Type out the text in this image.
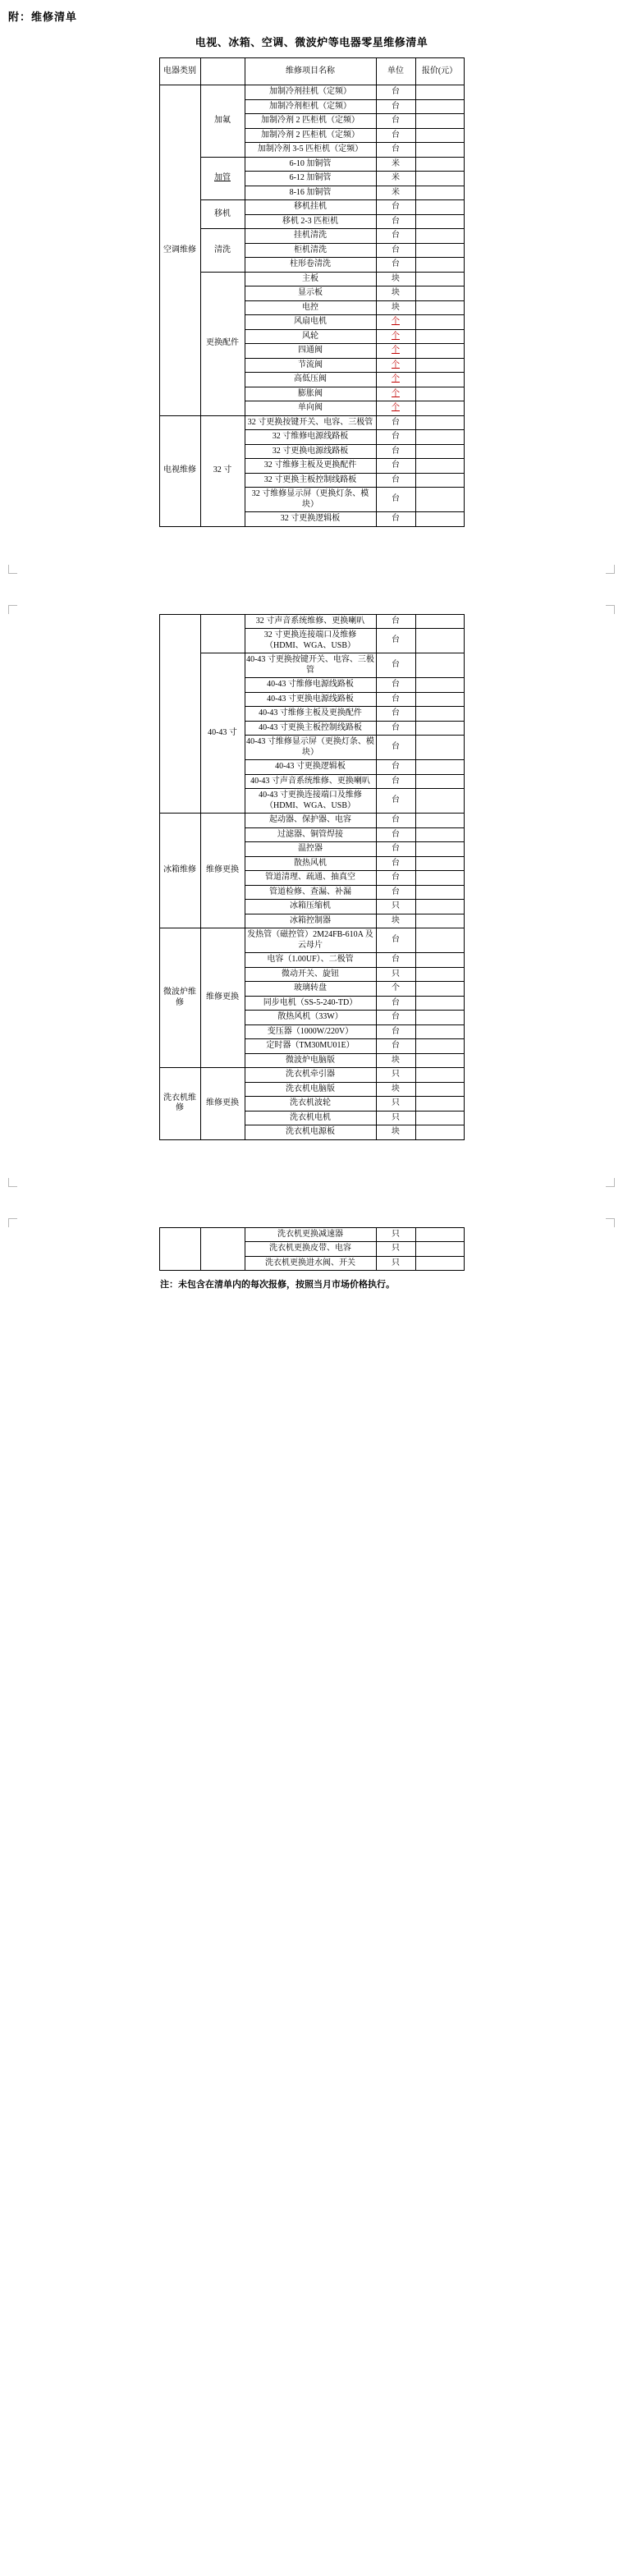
附：维修清单
电视、冰箱、空调、微波炉等电器零星维修清单
电器类别		维修项目名称	单位	报价(元）
空调维修	加氟	加制冷剂挂机（定频）	台	
		加制冷剂柜机（定频）	台	
		加制冷剂 2 匹柜机（定频）	台	
		加制冷剂 2 匹柜机（定频）	台	
		加制冷剂 3-5 匹柜机（定频）	台	
	加管	6-10 加铜管	米	
		6-12 加铜管	米	
		8-16 加铜管	米	
	移机	移机挂机	台	
		移机 2-3 匹柜机	台	
	清洗	挂机清洗	台	
		柜机清洗	台	
		柱形卷清洗	台	
	更换配件	主板	块	
		显示板	块	
		电控	块	
		风扇电机	个	
		风轮	个	
		四通阀	个	
		节流阀	个	
		高低压阀	个	
		膨胀阀	个	
		单向阀	个	
电视维修	32 寸	32 寸更换按键开关、电容、三极管	台	
		32 寸维修电源线路板	台	
		32 寸更换电源线路板	台	
		32 寸维修主板及更换配件	台	
		32 寸更换主板控制线路板	台	
		32 寸维修显示屏（更换灯条、模块）	台	
		32 寸更换逻辑板	台	
		32 寸声音系统维修、更换喇叭	台	
		32 寸更换连接端口及维修（HDMI、WGA、USB）	台	
	40-43 寸	40-43 寸更换按键开关、电容、三极管	台	
		40-43 寸维修电源线路板	台	
		40-43 寸更换电源线路板	台	
		40-43 寸维修主板及更换配件	台	
		40-43 寸更换主板控制线路板	台	
		40-43 寸维修显示屏（更换灯条、模块）	台	
		40-43 寸更换逻辑板	台	
		40-43 寸声音系统维修、更换喇叭	台	
		40-43 寸更换连接端口及维修（HDMI、WGA、USB）	台	
冰箱维修	维修更换	起动器、保护器、电容	台	
		过滤器、铜管焊接	台	
		温控器	台	
		散热风机	台	
		管道清理、疏通、抽真空	台	
		管道检修、查漏、补漏	台	
		冰箱压缩机	只	
		冰箱控制器	块	
微波炉维修	维修更换	发热管（磁控管）2M24FB-610A 及云母片	台	
		电容（1.00UF）、二极管	台	
		微动开关、旋钮	只	
		玻璃转盘	个	
		同步电机（SS-5-240-TD）	台	
		散热风机（33W）	台	
		变压器（1000W/220V）	台	
		定时器（TM30MU01E）	台	
		微波炉电脑版	块	
洗衣机维修	维修更换	洗衣机牵引器	只	
		洗衣机电脑版	块	
		洗衣机波轮	只	
		洗衣机电机	只	
		洗衣机电源板	块	
		洗衣机更换减速器	只	
		洗衣机更换皮带、电容	只	
		洗衣机更换进水阀、开关	只	
注：未包含在清单内的每次报修，按照当月市场价格执行。
